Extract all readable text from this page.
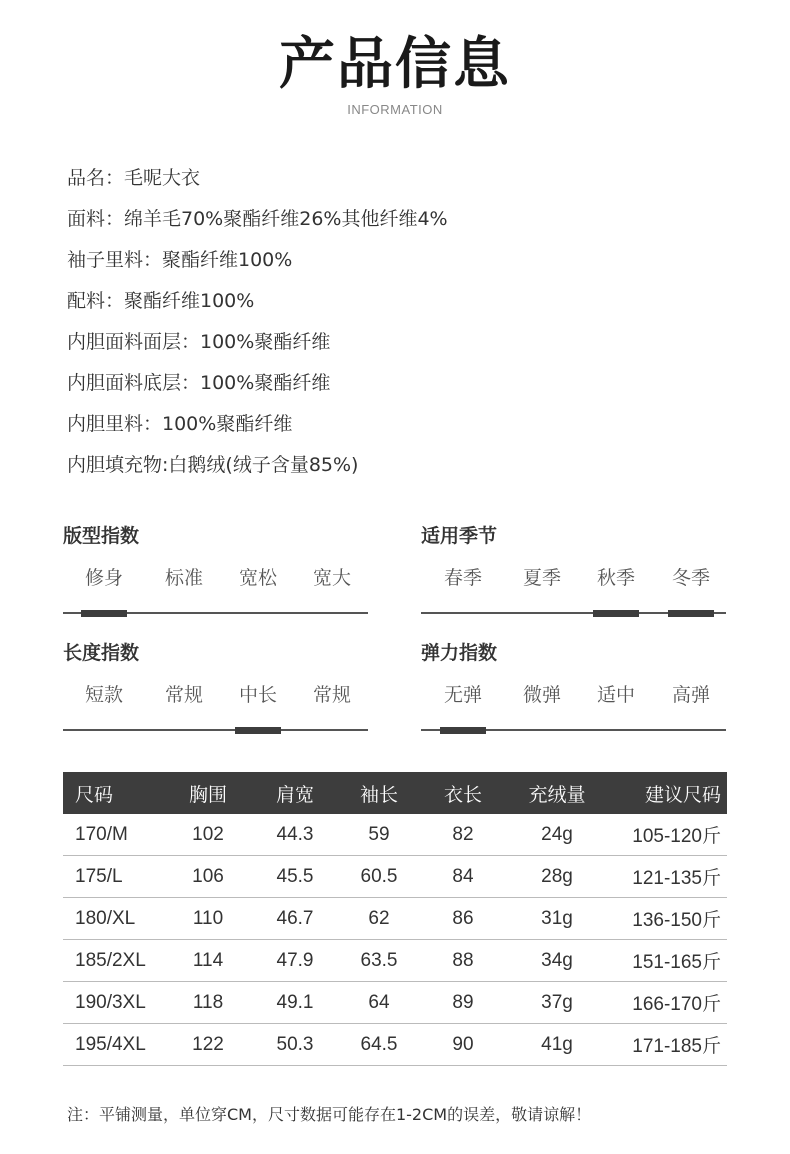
产品信息
INFORMATION
品名：毛呢大衣
面料：绵羊毛70%聚酯纤维26%其他纤维4%
袖子里料：聚酯纤维100%
配料：聚酯纤维100%
内胆面料面层：100%聚酯纤维
内胆面料底层：100%聚酯纤维
内胆里料：100%聚酯纤维
内胆填充物:白鹅绒(绒子含量85%)
版型指数
修身	标准	宽松	宽大
适用季节
春季	夏季	秋季	冬季
长度指数
短款	常规	中长	常规
弹力指数
无弹	微弹	适中	高弹
尺码	胸围	肩宽	袖长	衣长	充绒量	建议尺码
170/M	102	44.3	59	82	24g	105-120斤
175/L	106	45.5	60.5	84	28g	121-135斤
180/XL	110	46.7	62	86	31g	136-150斤
185/2XL	114	47.9	63.5	88	34g	151-165斤
190/3XL	118	49.1	64	89	37g	166-170斤
195/4XL	122	50.3	64.5	90	41g	171-185斤
注：平铺测量，单位穿CM，尺寸数据可能存在1-2CM的误差，敬请谅解！
